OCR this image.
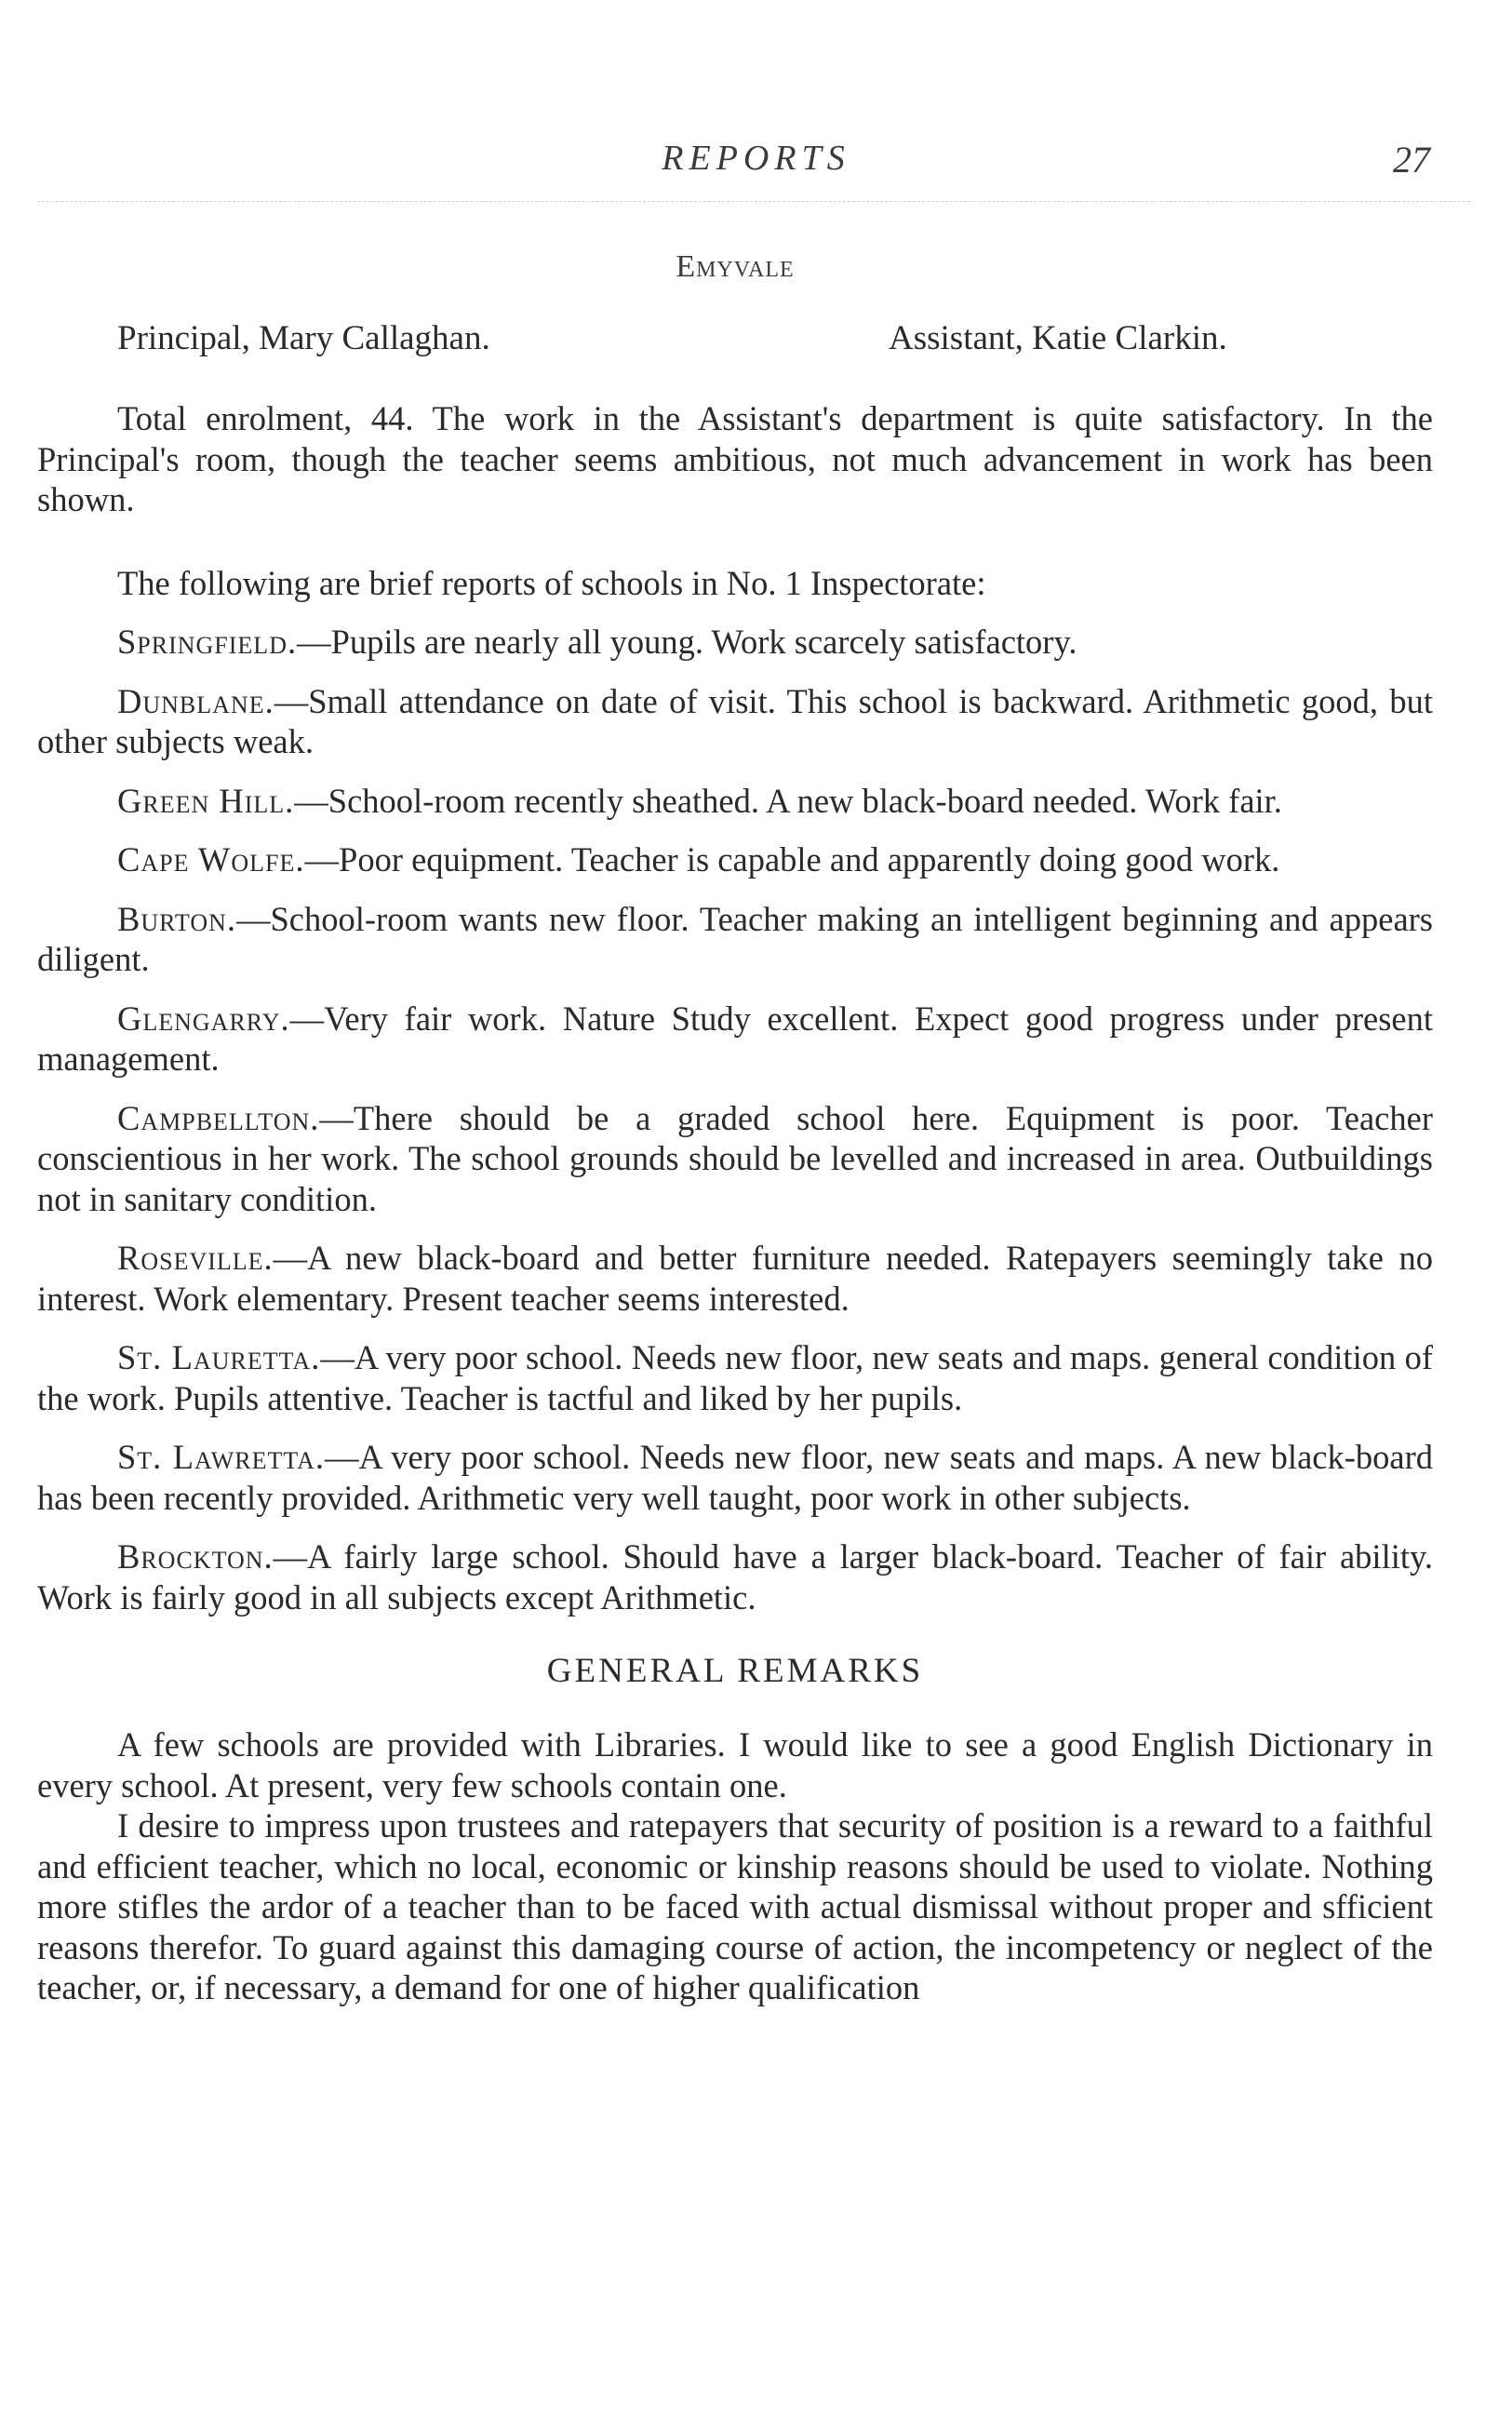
REPORTS	27
Emyvale
Principal, Mary Callaghan.	Assistant, Katie Clarkin.

Total enrolment, 44. The work in the Assistant's department is quite satisfactory. In the Principal's room, though the teacher seems ambitious, not much advancement in work has been shown.

The following are brief reports of schools in No. 1 Inspectorate:

Springfield.—Pupils are nearly all young. Work scarcely satisfactory.

Dunblane.—Small attendance on date of visit. This school is backward. Arithmetic good, but other subjects weak.

Green Hill.—School-room recently sheathed. A new black-board needed. Work fair.

Cape Wolfe.—Poor equipment. Teacher is capable and apparently doing good work.

Burton.—School-room wants new floor. Teacher making an intelligent beginning and appears diligent.

Glengarry.—Very fair work. Nature Study excellent. Expect good progress under present management.

Campbellton.—There should be a graded school here. Equipment is poor. Teacher conscientious in her work. The school grounds should be levelled and increased in area. Outbuildings not in sanitary condition.

Roseville.—A new black-board and better furniture needed. Ratepayers seemingly take no interest. Work elementary. Present teacher seems interested.

St. Lauretta.—A very poor school. Needs new floor, new seats and maps. general condition of the work. Pupils attentive. Teacher is tactful and liked by her pupils.

St. Lawretta.—A very poor school. Needs new floor, new seats and maps. A new black-board has been recently provided. Arithmetic very well taught, poor work in other subjects.

Brockton.—A fairly large school. Should have a larger black-board. Teacher of fair ability. Work is fairly good in all subjects except Arithmetic.

GENERAL REMARKS

A few schools are provided with Libraries. I would like to see a good English Dictionary in every school. At present, very few schools contain one.

I desire to impress upon trustees and ratepayers that security of position is a reward to a faithful and efficient teacher, which no local, economic or kinship reasons should be used to violate. Nothing more stifles the ardor of a teacher than to be faced with actual dismissal without proper and sfficient reasons therefor. To guard against this damaging course of action, the incompetency or neglect of the teacher, or, if necessary, a demand for one of higher qualification
